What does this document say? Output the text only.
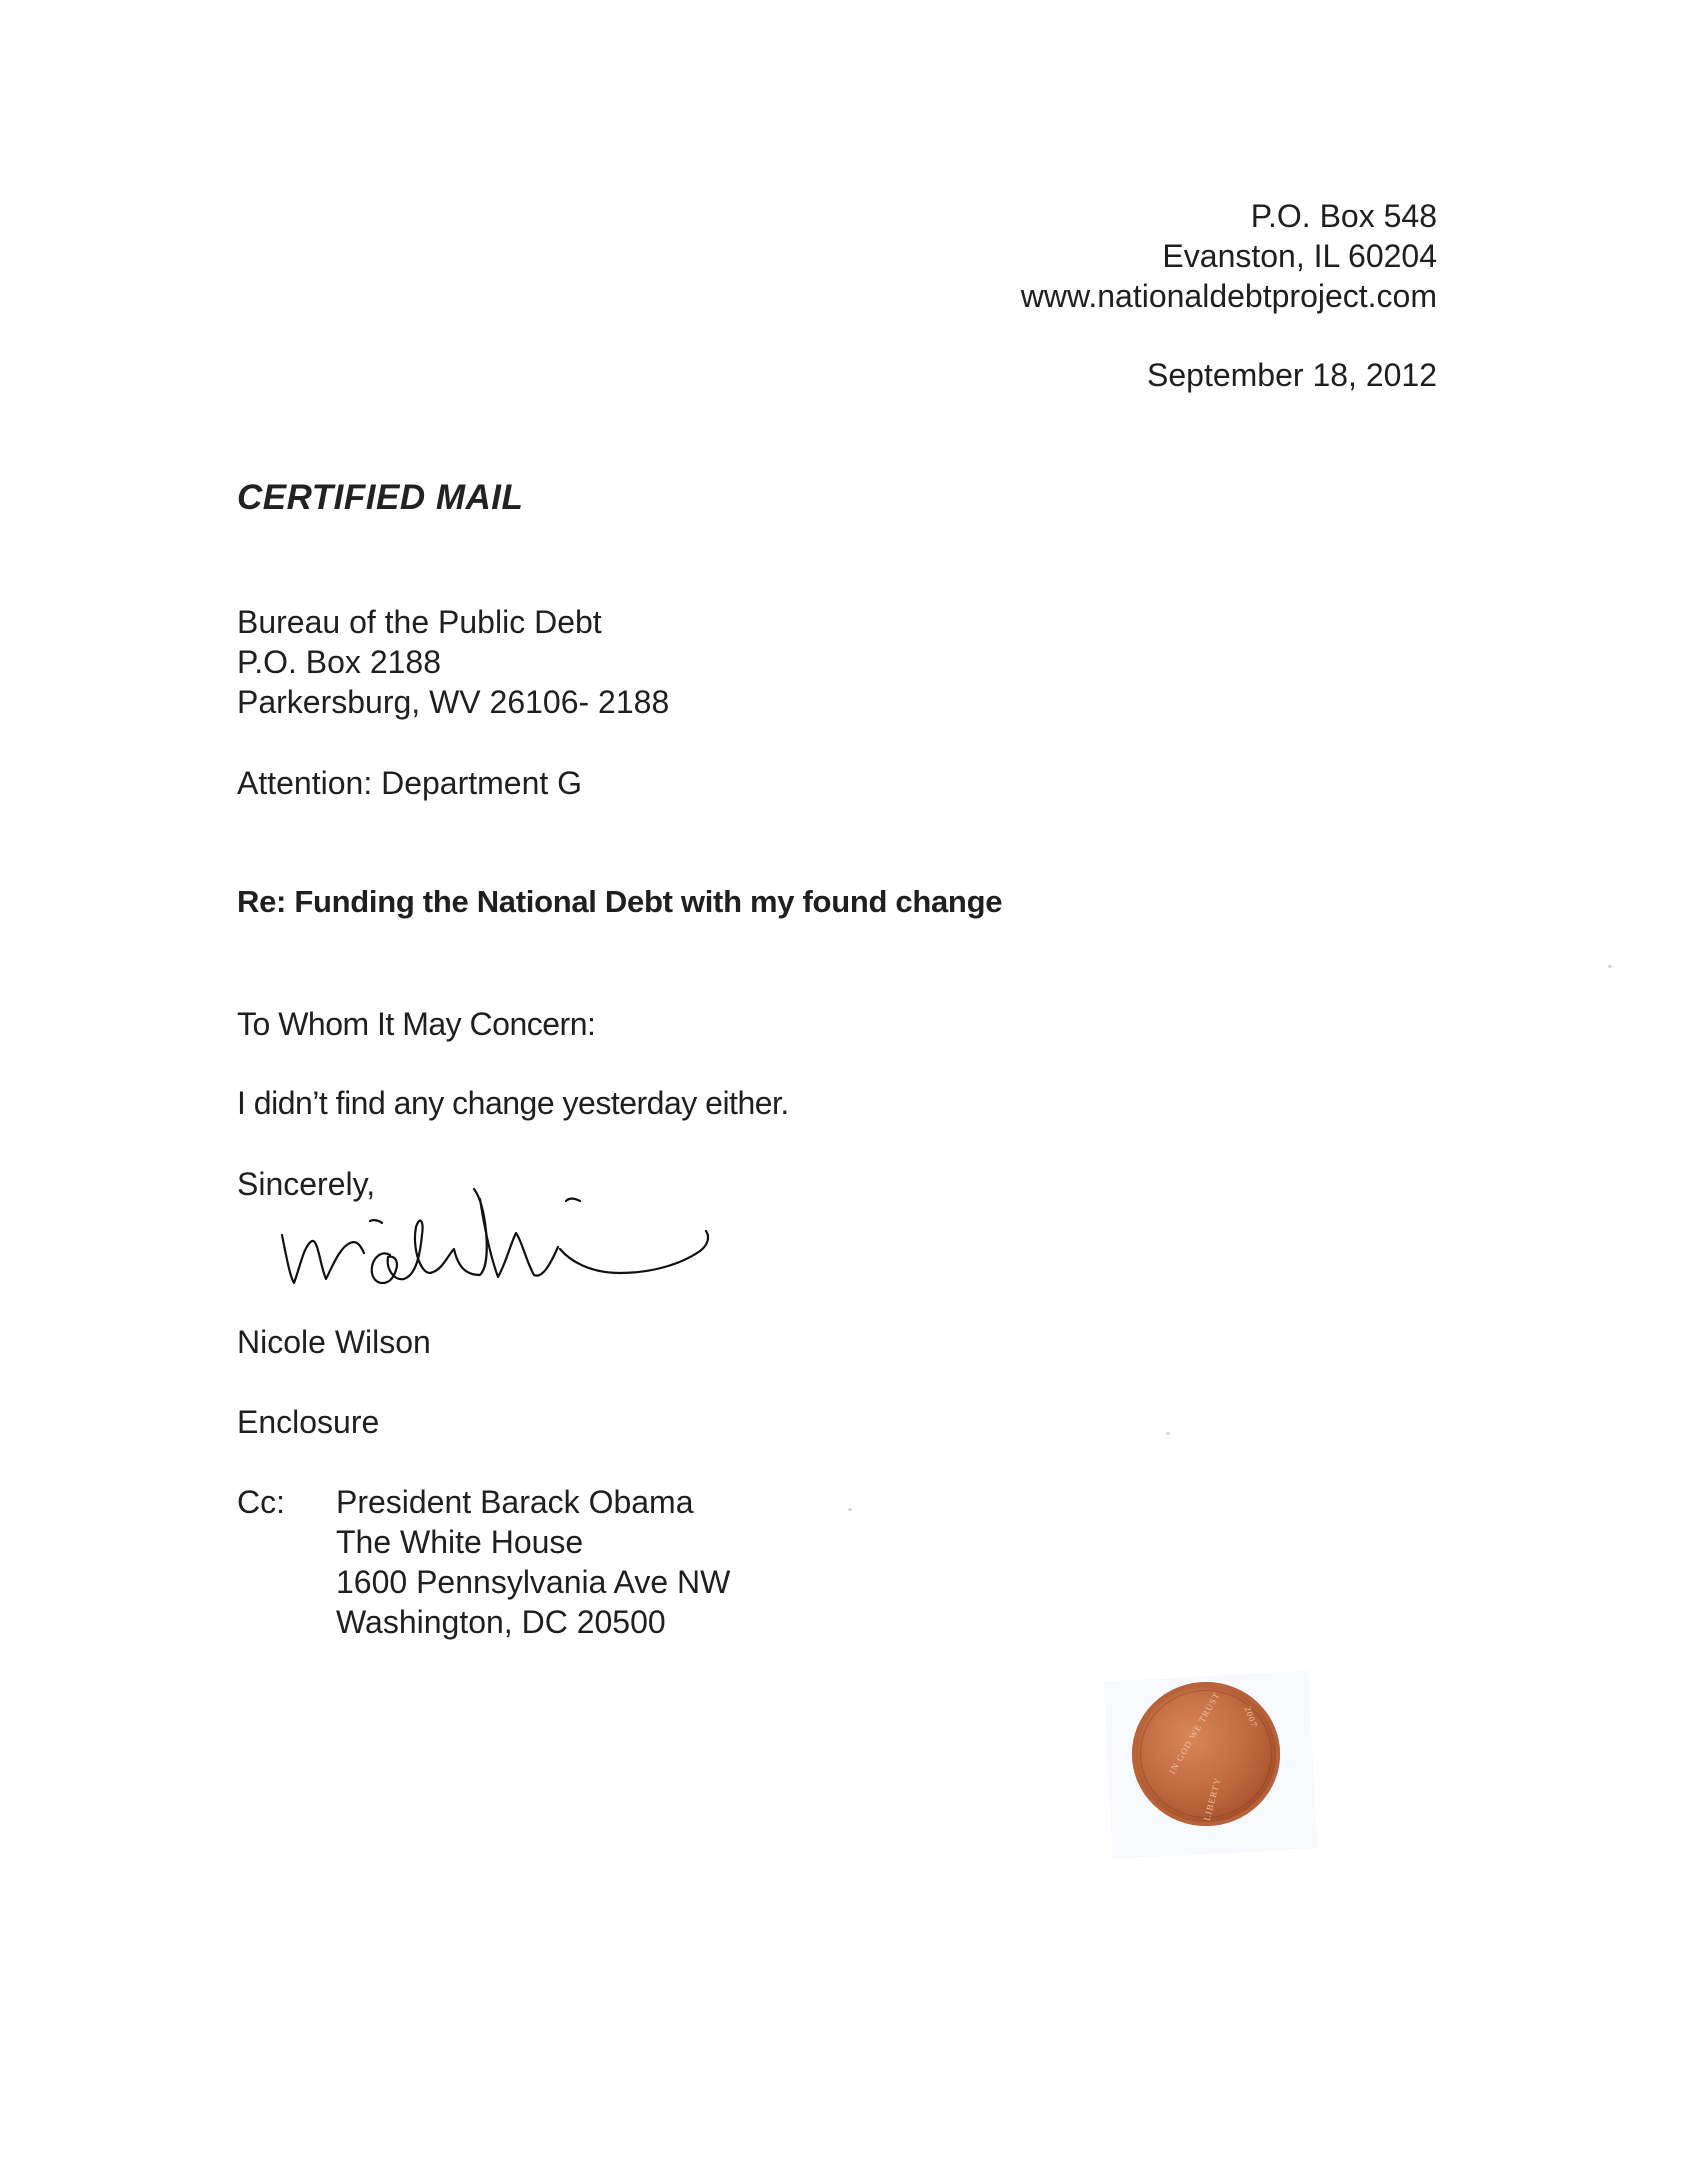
P.O. Box 548
Evanston, IL 60204
www.nationaldebtproject.com
September 18, 2012
CERTIFIED MAIL
Bureau of the Public Debt
P.O. Box 2188
Parkersburg, WV 26106- 2188
Attention: Department G
Re: Funding the National Debt with my found change
To Whom It May Concern:
I didn’t find any change yesterday either.
Sincerely,
Nicole Wilson
Enclosure
Cc: President Barack Obama
The White House
1600 Pennsylvania Ave NW
Washington, DC 20500
IN GOD WE TRUST 2007
LIBERTY
